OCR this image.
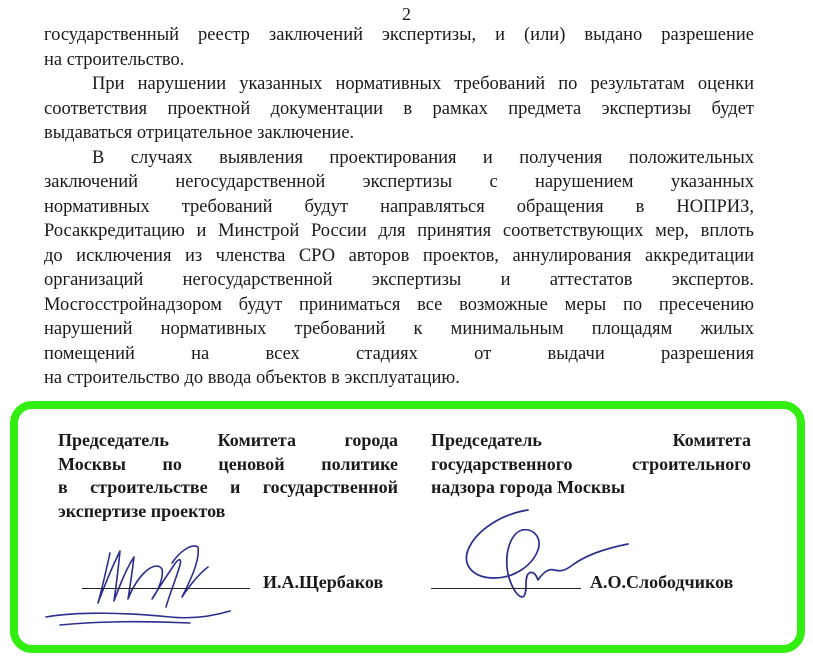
2

государственный реестр заключений экспертизы, и (или) выдано разрешение
на строительство.

При нарушении указанных нормативных требований по результатам оценки
соответствия проектной документации в рамках предмета экспертизы будет
выдаваться отрицательное заключение.

В случаях выявления проектирования и получения положительных
заключений негосударственной экспертизы с нарушением указанных
нормативных требований будут направляться обращения в НОПРИЗ,
Росаккредитацию и Минстрой России для принятия соответствующих мер, вплоть
до исключения из членства СРО авторов проектов, аннулирования аккредитации
организаций негосударственной экспертизы и аттестатов экспертов.
Мосгосстройнадзором будут приниматься все возможные меры по пресечению
нарушений нормативных требований к минимальным площадям жилых
помещений на всех стадиях от выдачи разрешения
на строительство до ввода объектов в эксплуатацию.

Председатель Комитета города
Москвы по ценовой политике
в строительстве и государственной
экспертизе проектов
И.А.Щербаков
Председатель Комитета
государственного строительного
надзора города Москвы
А.О.Слободчиков
